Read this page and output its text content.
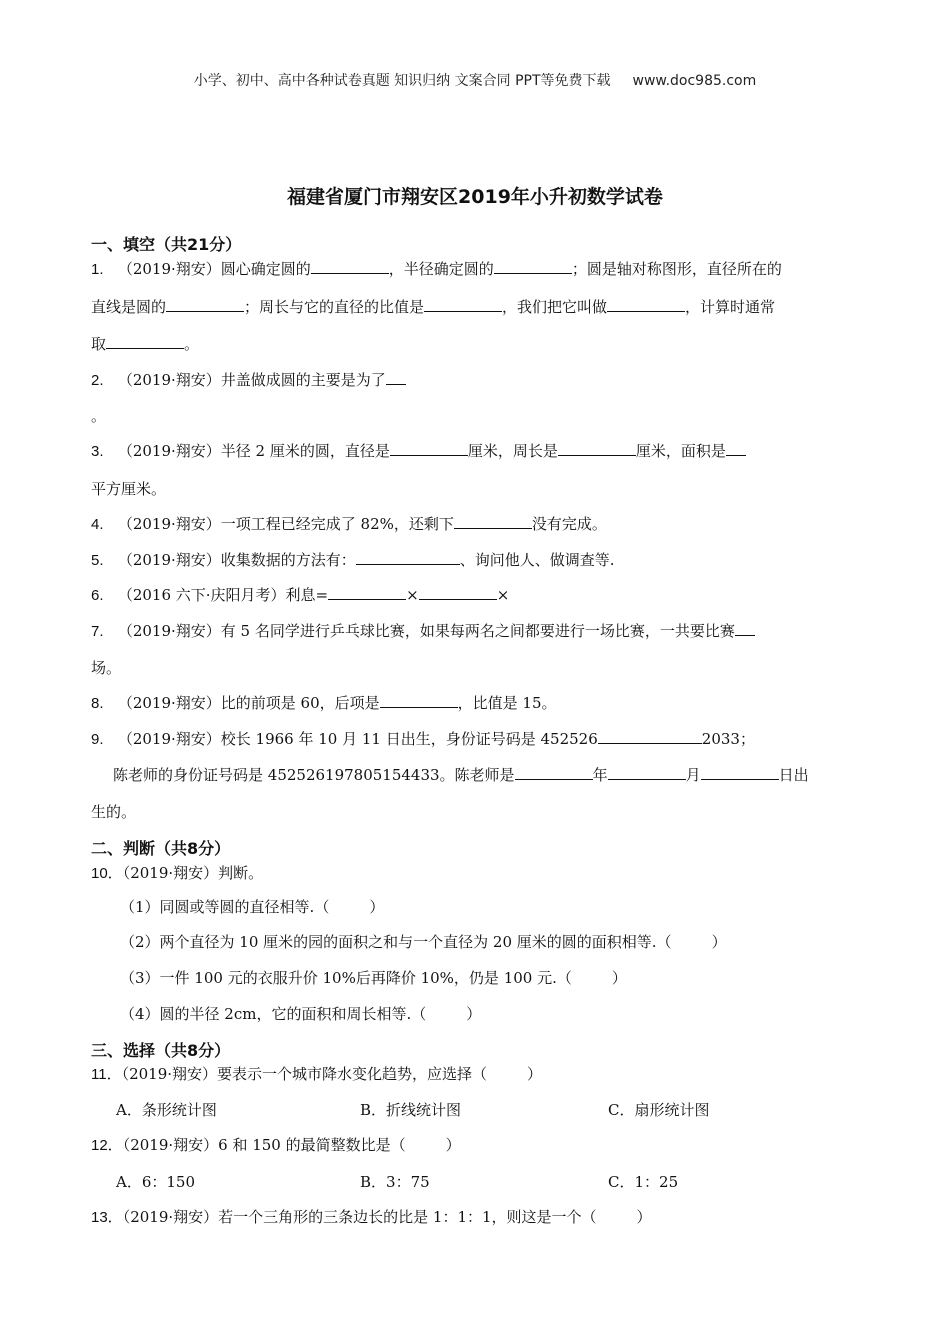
小学、初中、高中各种试卷真题 知识归纳 文案合同 PPT等免费下载 www.doc985.com
福建省厦门市翔安区2019年小升初数学试卷
一、填空（共21分）
1. （2019·翔安）圆心确定圆的	，半径确定圆的	；圆是轴对称图形，直径所在的
直线是圆的	；周长与它的直径的比值是	，我们把它叫做	，计算时通常
取	。
2. （2019·翔安）井盖做成圆的主要是为了
。
3. （2019·翔安）半径 2 厘米的圆，直径是	厘米，周长是	厘米，面积是
平方厘米。
4. （2019·翔安）一项工程已经完成了 82%，还剩下	没有完成。
5. （2019·翔安）收集数据的方法有：	、询问他人、做调查等.
6. （2016 六下·庆阳月考）利息=	×	×
7. （2019·翔安）有 5 名同学进行乒乓球比赛，如果每两名之间都要进行一场比赛，一共要比赛
场。
8. （2019·翔安）比的前项是 60，后项是	，比值是 15。
9. （2019·翔安）校长 1966 年 10 月 11 日出生，身份证号码是 452526	2033；
陈老师的身份证号码是 452526197805154433。陈老师是	年	月	日出
生的。
二、判断（共8分）
10．（2019·翔安）判断。
（1）同圆或等圆的直径相等.（	）
（2）两个直径为 10 厘米的园的面积之和与一个直径为 20 厘米的圆的面积相等.（	）
（3）一件 100 元的衣服升价 10%后再降价 10%，仍是 100 元.（	）
（4）圆的半径 2cm，它的面积和周长相等.（	）
三、选择（共8分）
11．（2019·翔安）要表示一个城市降水变化趋势，应选择（	）
A．条形统计图	B．折线统计图	C．扇形统计图
12．（2019·翔安）6 和 150 的最简整数比是（	）
A．6：150	B．3：75	C．1：25
13．（2019·翔安）若一个三角形的三条边长的比是 1：1：1，则这是一个（	）
